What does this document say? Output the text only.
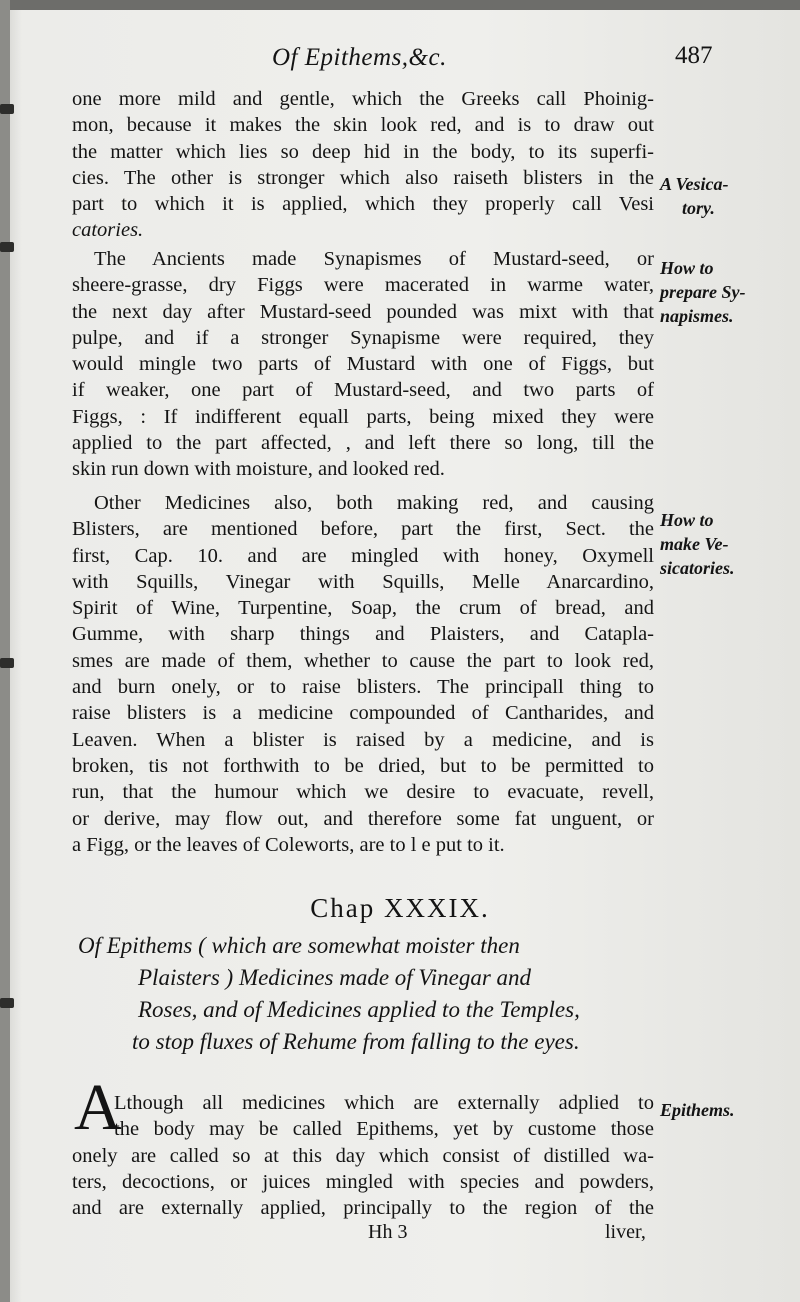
Of Epithems,&c.	487
one more mild and gentle, which the Greeks call Phoinig-
mon, because it makes the skin look red, and is to draw out
the matter which lies so deep hid in the body, to its superfi-
cies. The other is stronger which also raiseth blisters in the
part to which it is applied, which they properly call Vesi
catories.
The Ancients made Synapismes of Mustard-seed, or
sheere-grasse, dry Figgs were macerated in warme water,
the next day after Mustard-seed pounded was mixt with that
pulpe, and if a stronger Synapisme were required, they
would mingle two parts of Mustard with one of Figgs, but
if weaker, one part of Mustard-seed, and two parts of
Figgs, : If indifferent equall parts, being mixed they were
applied to the part affected, , and left there so long, till the
skin run down with moisture, and looked red.
Other Medicines also, both making red, and causing
Blisters, are mentioned before, part the first, Sect. the
first, Cap. 10. and are mingled with honey, Oxymell
with Squills, Vinegar with Squills, Melle Anarcardino,
Spirit of Wine, Turpentine, Soap, the crum of bread, and
Gumme, with sharp things and Plaisters, and Catapla-
smes are made of them, whether to cause the part to look red,
and burn onely, or to raise blisters. The principall thing to
raise blisters is a medicine compounded of Cantharides, and
Leaven. When a blister is raised by a medicine, and is
broken, tis not forthwith to be dried, but to be permitted to
run, that the humour which we desire to evacuate, revell,
or derive, may flow out, and therefore some fat unguent, or
a Figg, or the leaves of Coleworts, are to l e put to it.
A Vesica-
tory.
How to
prepare Sy-
napismes.
How to
make Ve-
sicatories.
Epithems.
Chap XXXIX.
Of Epithems ( which are somewhat moister then
Plaisters ) Medicines made of Vinegar and
Roses, and of Medicines applied to the Temples,
to stop fluxes of Rehume from falling to the eyes.
A
Lthough all medicines which are externally adplied to
the body may be called Epithems, yet by custome those
onely are called so at this day which consist of distilled wa-
ters, decoctions, or juices mingled with species and powders,
and are externally applied, principally to the region of the
Hh 3	liver,
